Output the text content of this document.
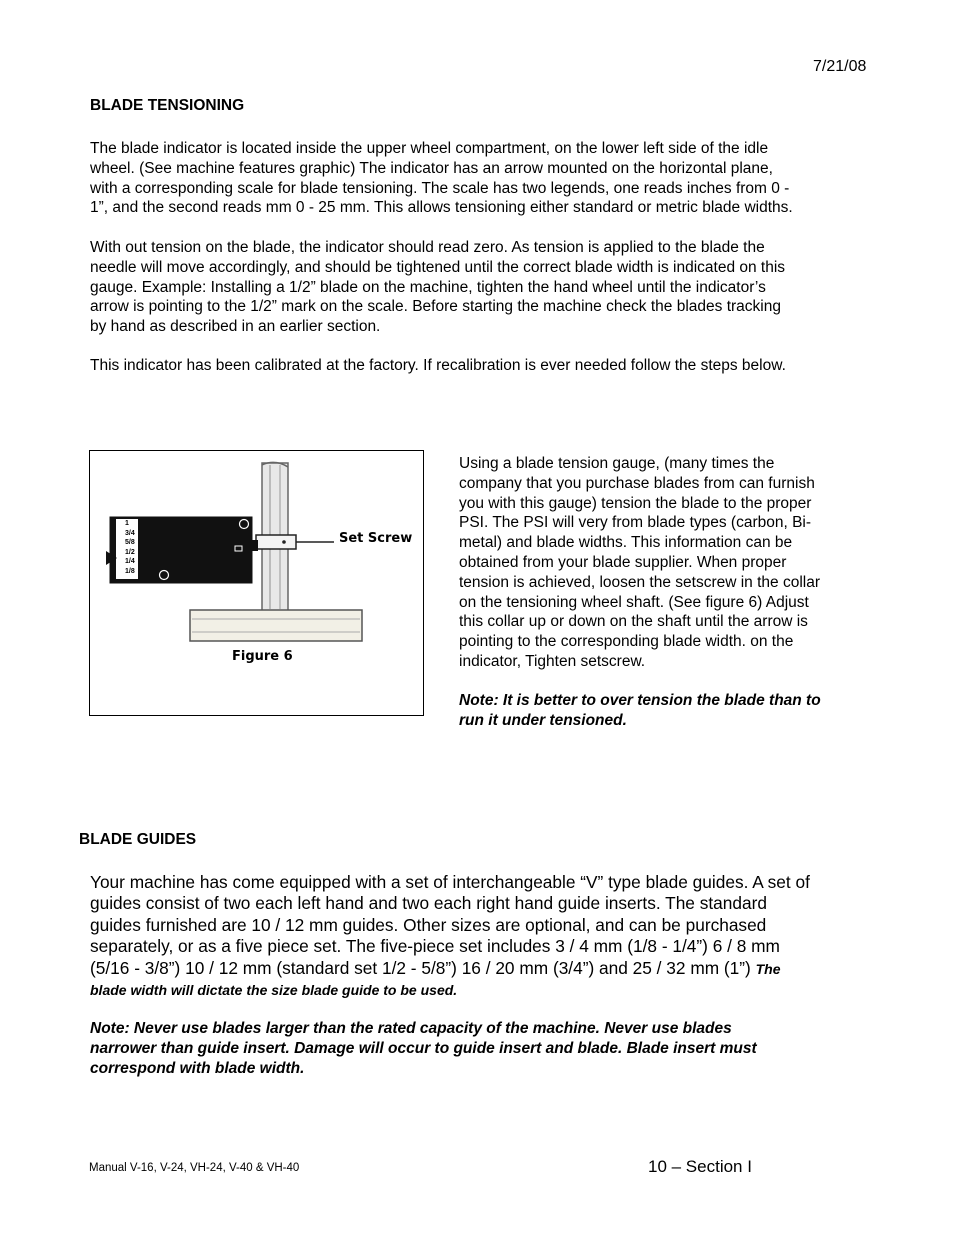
7/21/08
BLADE TENSIONING

The blade indicator is located inside the upper wheel compartment, on the lower left side of the idle

wheel. (See machine features graphic) The indicator has an arrow mounted on the horizontal plane,

with a corresponding scale for blade tensioning. The scale has two legends, one reads inches from 0 -

1”, and the second reads mm 0 - 25 mm. This allows tensioning either standard or metric blade widths.

With out tension on the blade, the indicator should read zero. As tension is applied to the blade the

needle will move accordingly, and should be tightened until the correct blade width is indicated on this

gauge. Example: Installing a 1/2” blade on the machine, tighten the hand wheel until the indicator’s

arrow is pointing to the 1/2” mark on the scale. Before starting the machine check the blades tracking

by hand as described in an earlier section.

This indicator has been calibrated at the factory. If recalibration is ever needed follow the steps below.

1
3/4
5/8
1/2
1/4
1/8
Set Screw
Figure 6

Using a blade tension gauge, (many times the

company that you purchase blades from can furnish

you with this gauge) tension the blade to the proper

PSI. The PSI will very from blade types (carbon, Bi-

metal) and blade widths. This information can be

obtained from your blade supplier. When proper

tension is achieved, loosen the setscrew in the collar

on the tensioning wheel shaft. (See figure 6) Adjust

this collar up or down on the shaft until the arrow is

pointing to the corresponding blade width. on the

indicator, Tighten setscrew.

Note: It is better to over tension the blade than to

run it under tensioned.

BLADE GUIDES

Your machine has come equipped with a set of interchangeable “V” type blade guides. A set of

guides consist of two each left hand and two each right hand guide inserts. The standard

guides furnished are 10 / 12 mm guides. Other sizes are optional, and can be purchased

separately, or as a five piece set. The five-piece set includes 3 / 4 mm (1/8 - 1/4”) 6 / 8 mm

(5/16 - 3/8”) 10 / 12 mm (standard set 1/2 - 5/8”) 16 / 20 mm (3/4”) and 25 / 32 mm (1”) The

blade width will dictate the size blade guide to be used.

Note: Never use blades larger than the rated capacity of the machine. Never use blades

narrower than guide insert. Damage will occur to guide insert and blade. Blade insert must

correspond with blade width.

Manual V-16, V-24, VH-24, V-40 & VH-40	10 – Section I
